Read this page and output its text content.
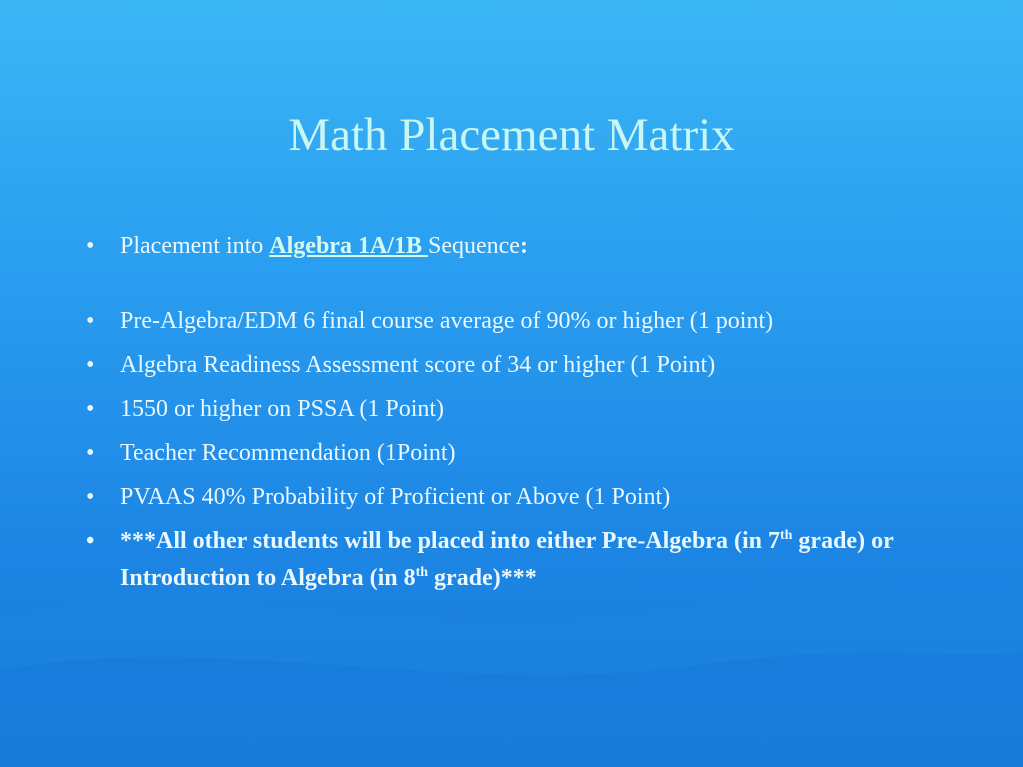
Math Placement Matrix
• Placement into Algebra 1A/1B Sequence:
• Pre-Algebra/EDM 6 final course average of 90% or higher (1 point)
• Algebra Readiness Assessment score of 34 or higher (1 Point)
• 1550 or higher on PSSA (1 Point)
• Teacher Recommendation (1Point)
• PVAAS 40% Probability of Proficient or Above (1 Point)
• ***All other students will be placed into either Pre-Algebra (in 7th grade) or Introduction to Algebra (in 8th grade)***
